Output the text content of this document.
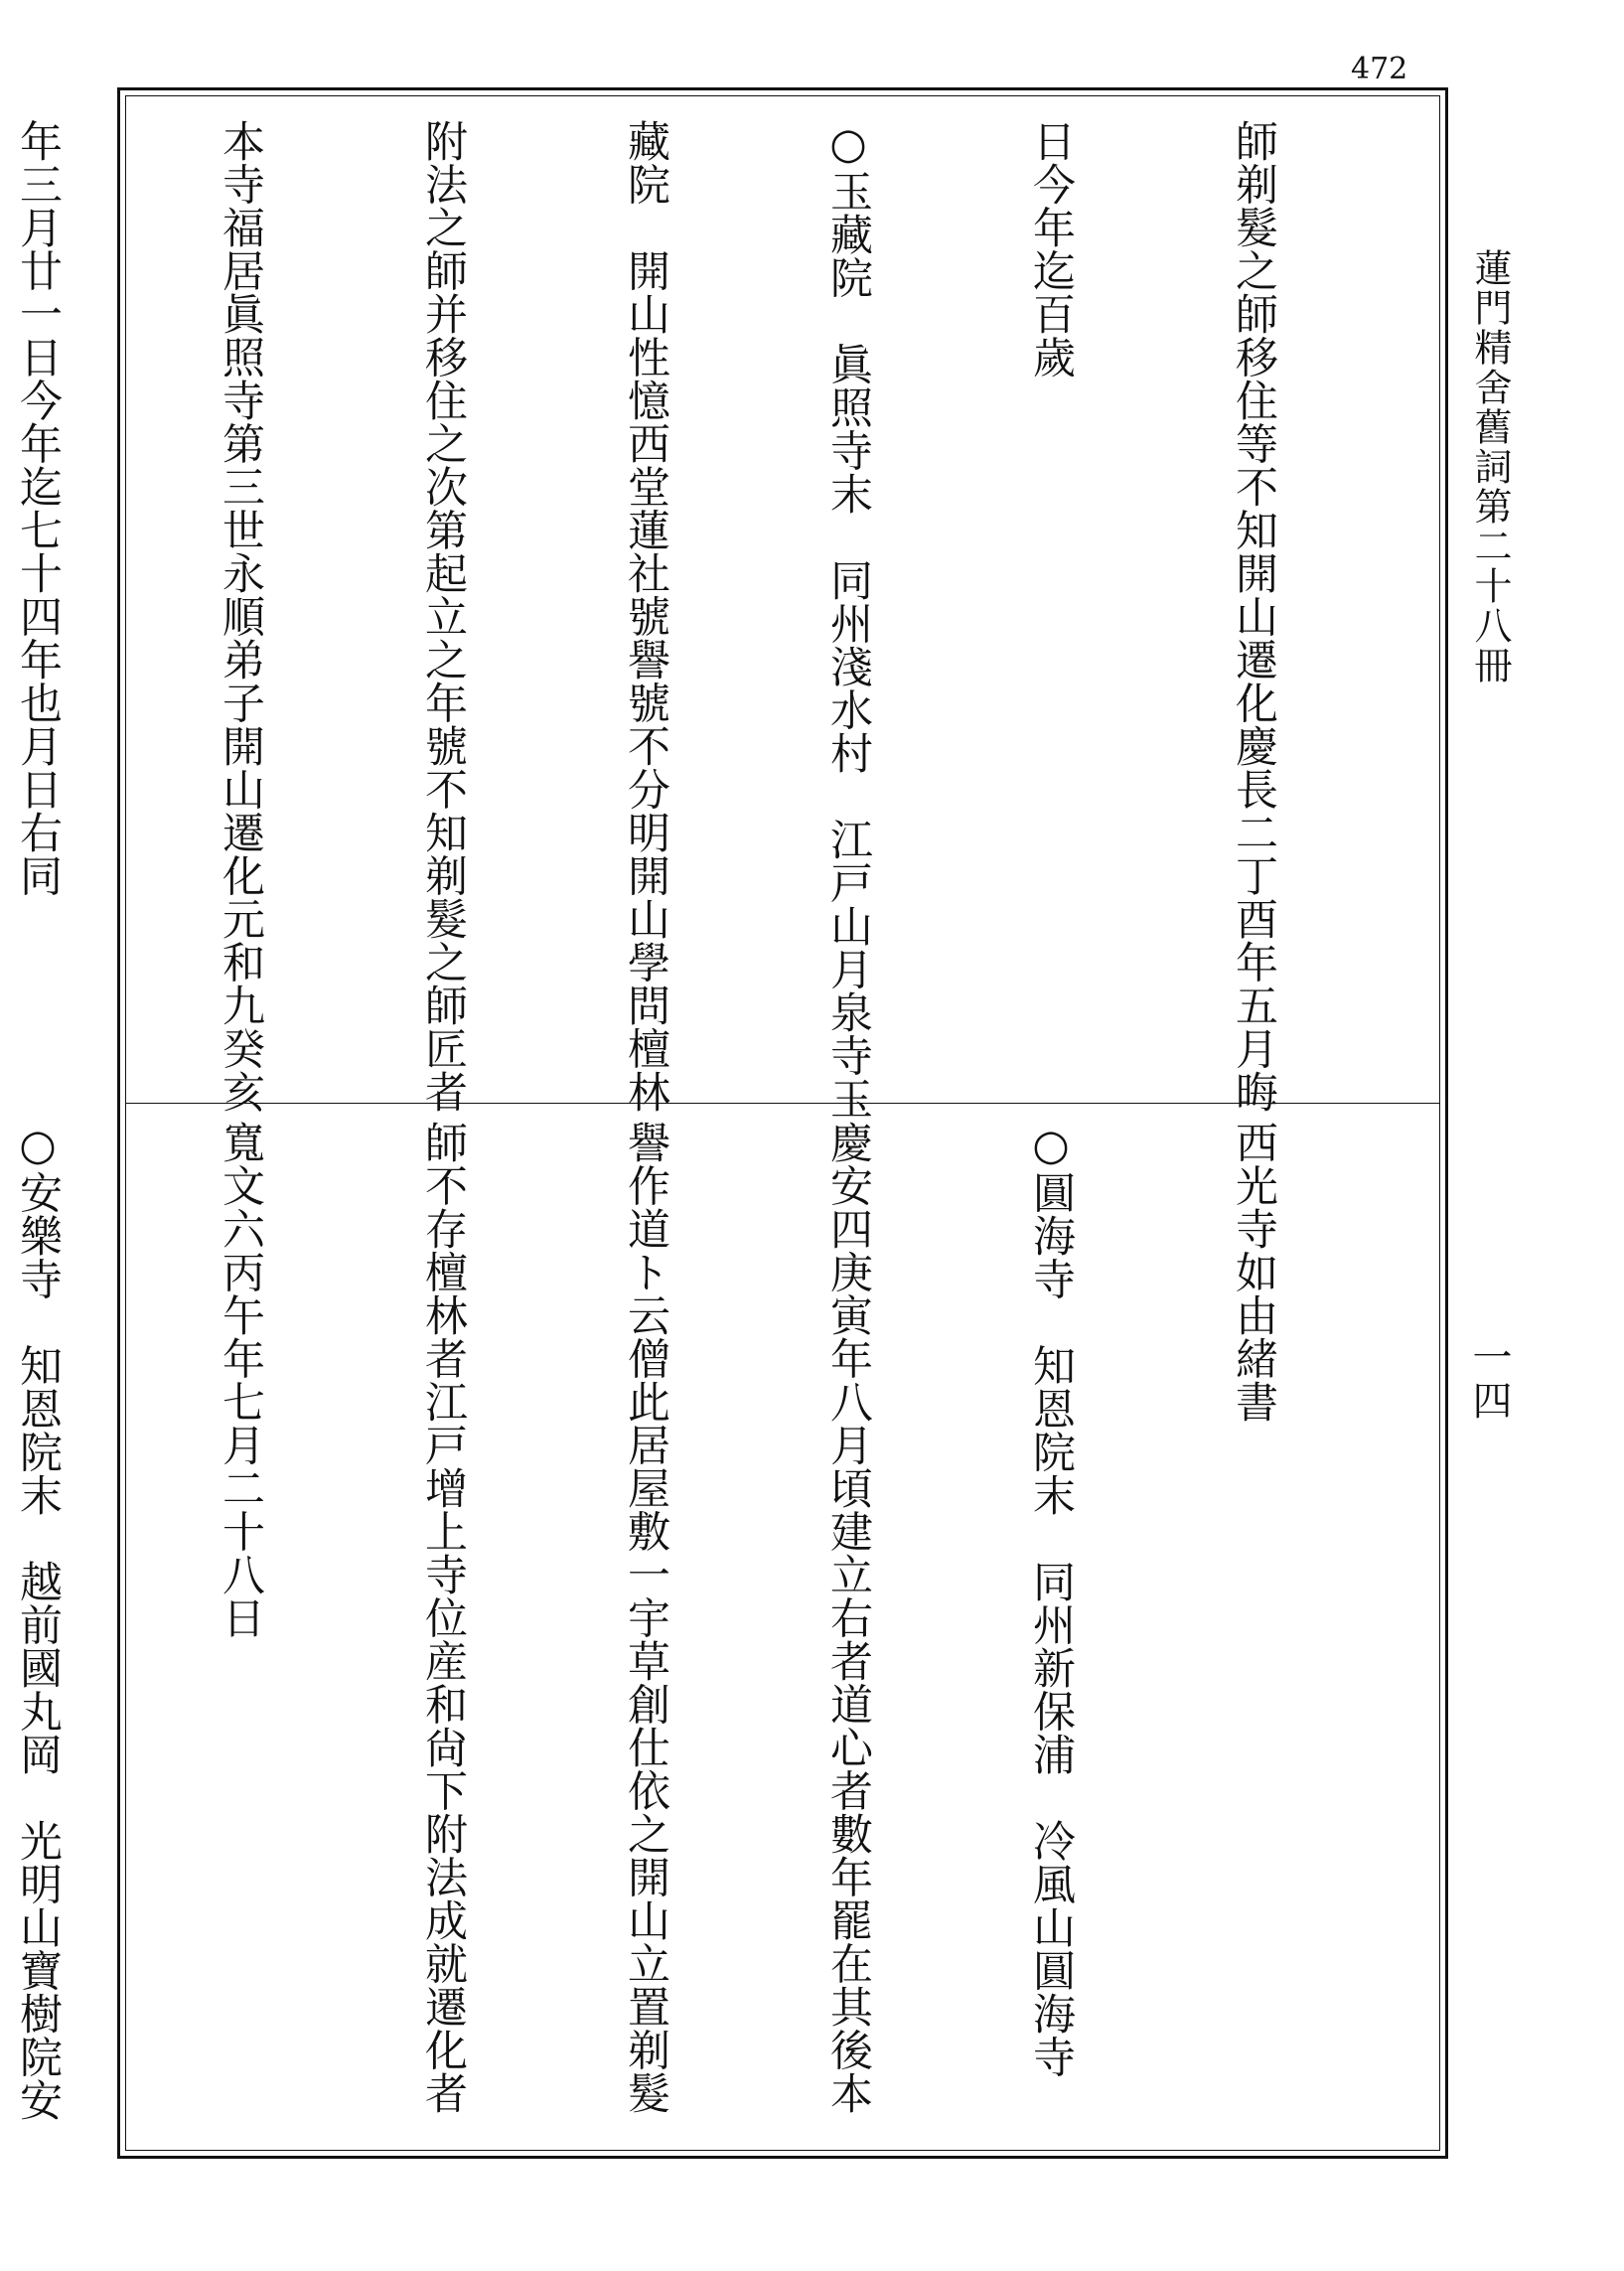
472
蓮門精舍舊詞第二十八冊
一四

師剃髮之師移住等不知開山遷化慶長二丁酉年五月晦

日今年迄百歲

○玉藏院　眞照寺末　同州淺水村　江戸山月泉寺玉

藏院　開山性憶西堂蓮社號譽號不分明開山學問檀林

附法之師并移住之次第起立之年號不知剃髮之師匠者

本寺福居眞照寺第三世永順弟子開山遷化元和九癸亥

年三月廿一日今年迄七十四年也月日右同

西光寺如由緒書

○圓海寺　知恩院末　同州新保浦　冷風山圓海寺

慶安四庚寅年八月頃建立右者道心者數年罷在其後本

譽作道ト云僧此居屋敷一宇草創仕依之開山立置剃髮

師不存檀林者江戸增上寺位産和尙下附法成就遷化者

寬文六丙午年七月二十八日

○安樂寺　知恩院末　越前國丸岡　光明山寶樹院安
